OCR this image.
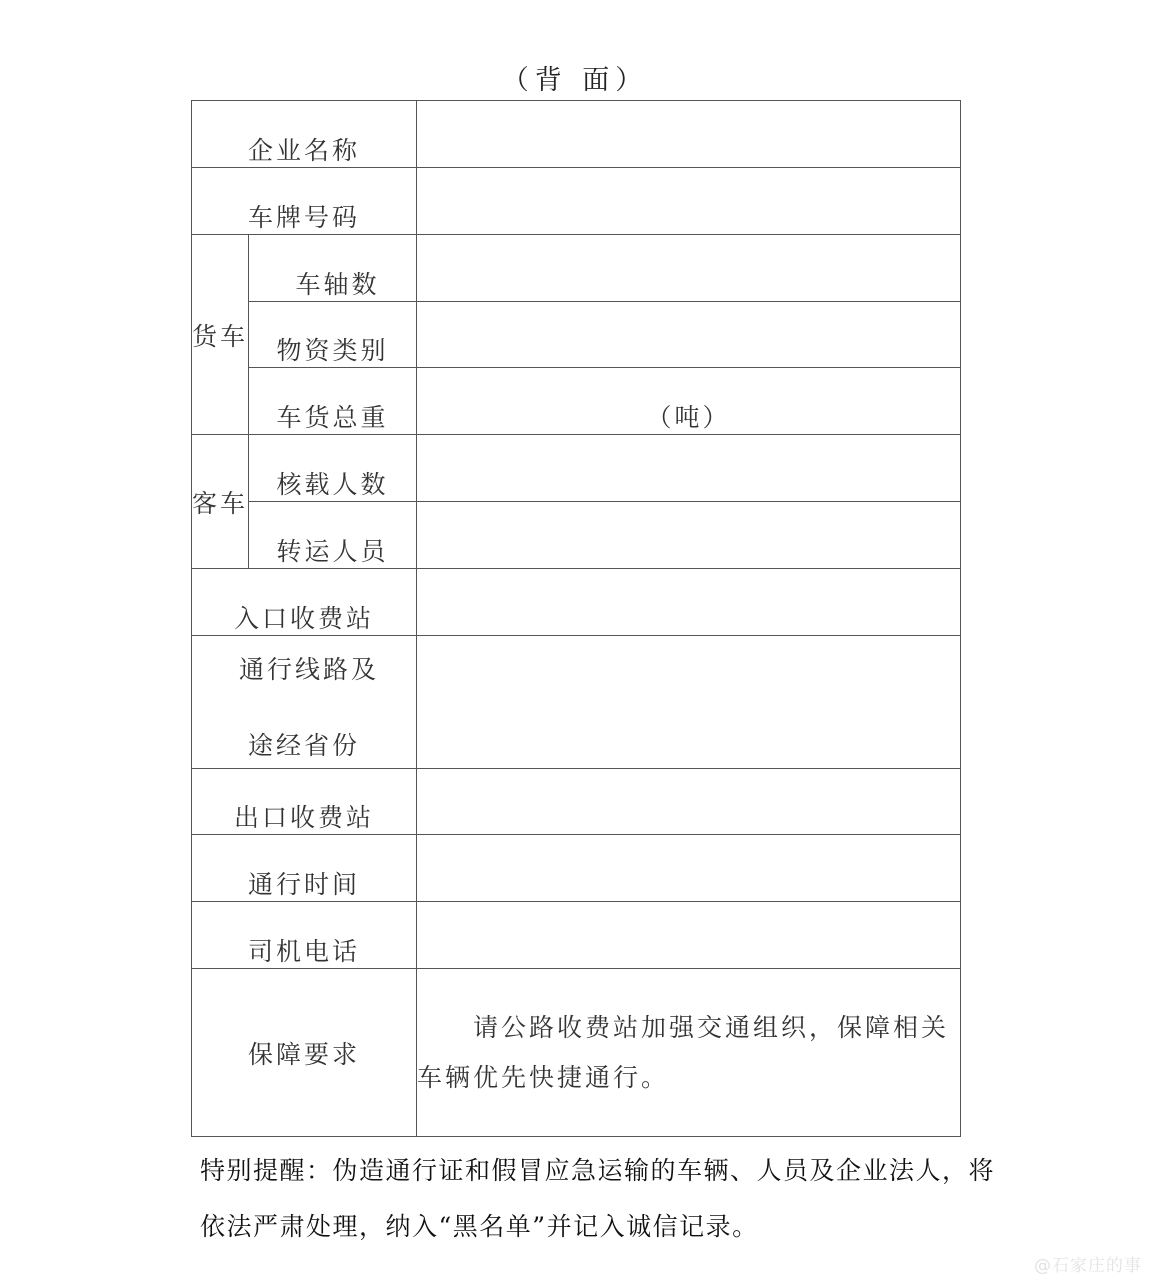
（背 面）
企业名称		
车牌号码		
货车	车轴数	
	物资类别	
	车货总重	（吨）
客车	核载人数	
	转运人员	
入口收费站		

通行线路及
途经省份		

出口收费站		
通行时间		
司机电话		
保障要求		请公路收费站加强交通组织，保障相关车辆优先快捷通行。
特别提醒：伪造通行证和假冒应急运输的车辆、人员及企业法人，将依法严肃处理，纳入“黑名单”并记入诚信记录。
@石家庄的事
